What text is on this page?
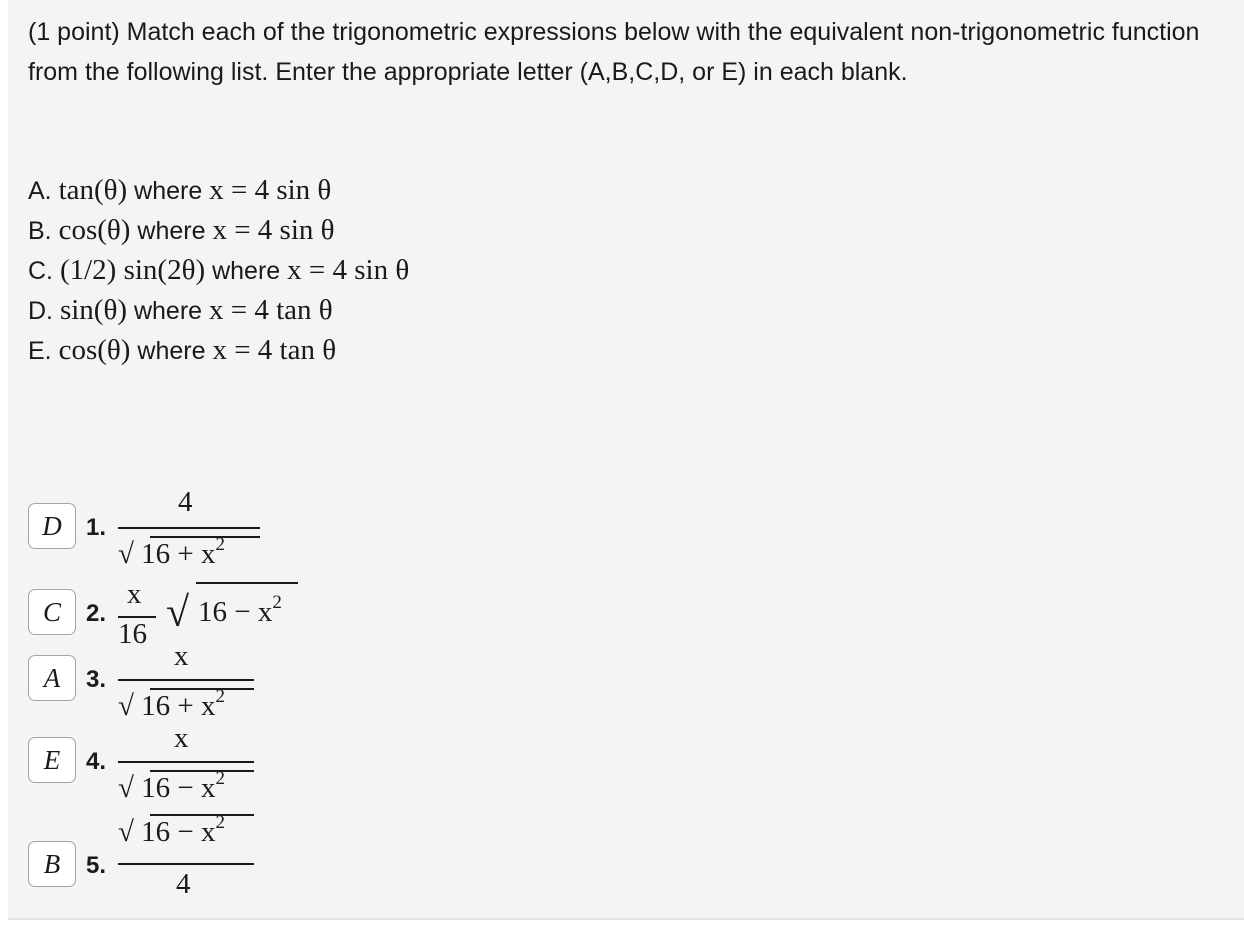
(1 point) Match each of the trigonometric expressions below with the equivalent non-trigonometric function from the following list. Enter the appropriate letter (A,B,C,D, or E) in each blank.
A. tan(θ) where x = 4 sin θ
B. cos(θ) where x = 4 sin θ
C. (1/2) sin(2θ) where x = 4 sin θ
D. sin(θ) where x = 4 tan θ
E. cos(θ) where x = 4 tan θ
D	1.
4
√ $16 + x^2$
C	2.
x
16 √ $16 - x^2$
A	3.
x
√ $16 + x^2$
E	4.
x
√ $16 - x^2$
B	5.
√ $16 - x^2$
4
